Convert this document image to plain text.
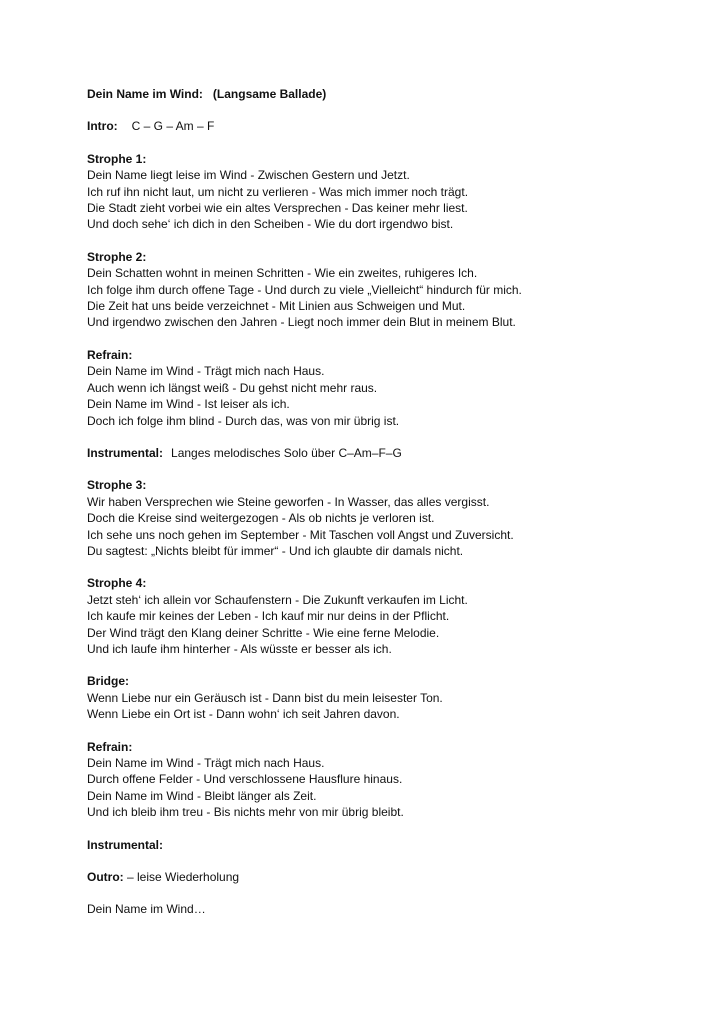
Dein Name im Wind: (Langsame Ballade)
Intro: C – G – Am – F
Strophe 1:
Dein Name liegt leise im Wind - Zwischen Gestern und Jetzt.
Ich ruf ihn nicht laut, um nicht zu verlieren - Was mich immer noch trägt.
Die Stadt zieht vorbei wie ein altes Versprechen - Das keiner mehr liest.
Und doch sehe‘ ich dich in den Scheiben - Wie du dort irgendwo bist.
Strophe 2:
Dein Schatten wohnt in meinen Schritten - Wie ein zweites, ruhigeres Ich.
Ich folge ihm durch offene Tage - Und durch zu viele „Vielleicht“ hindurch für mich.
Die Zeit hat uns beide verzeichnet - Mit Linien aus Schweigen und Mut.
Und irgendwo zwischen den Jahren - Liegt noch immer dein Blut in meinem Blut.
Refrain:
Dein Name im Wind - Trägt mich nach Haus.
Auch wenn ich längst weiß - Du gehst nicht mehr raus.
Dein Name im Wind - Ist leiser als ich.
Doch ich folge ihm blind - Durch das, was von mir übrig ist.
Instrumental: Langes melodisches Solo über C–Am–F–G
Strophe 3:
Wir haben Versprechen wie Steine geworfen - In Wasser, das alles vergisst.
Doch die Kreise sind weitergezogen - Als ob nichts je verloren ist.
Ich sehe uns noch gehen im September - Mit Taschen voll Angst und Zuversicht.
Du sagtest: „Nichts bleibt für immer“ - Und ich glaubte dir damals nicht.
Strophe 4:
Jetzt steh‘ ich allein vor Schaufenstern - Die Zukunft verkaufen im Licht.
Ich kaufe mir keines der Leben - Ich kauf mir nur deins in der Pflicht.
Der Wind trägt den Klang deiner Schritte - Wie eine ferne Melodie.
Und ich laufe ihm hinterher - Als wüsste er besser als ich.
Bridge:
Wenn Liebe nur ein Geräusch ist - Dann bist du mein leisester Ton.
Wenn Liebe ein Ort ist - Dann wohn‘ ich seit Jahren davon.
Refrain:
Dein Name im Wind - Trägt mich nach Haus.
Durch offene Felder - Und verschlossene Hausflure hinaus.
Dein Name im Wind - Bleibt länger als Zeit.
Und ich bleib ihm treu - Bis nichts mehr von mir übrig bleibt.
Instrumental:
Outro: – leise Wiederholung
Dein Name im Wind…
